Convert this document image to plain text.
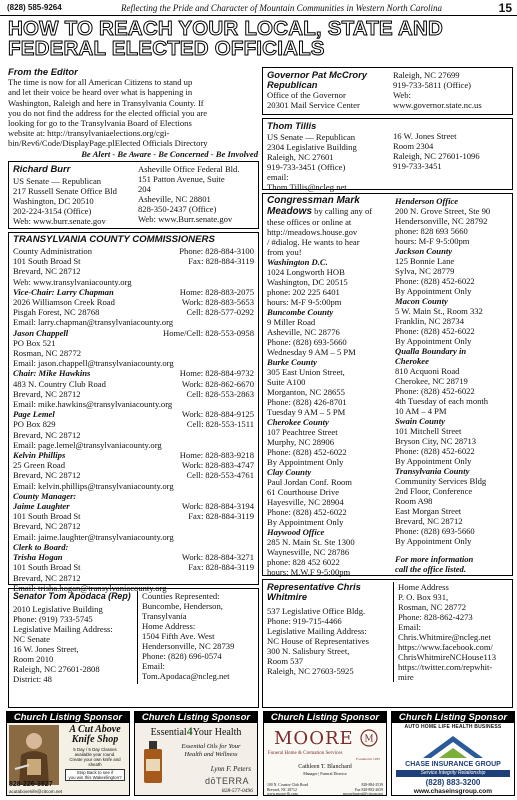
(828) 585-9264	Reflecting the Pride and Character of Mountain Communities in Western North Carolina	15
HOW TO REACH YOUR LOCAL, STATE AND
FEDERAL ELECTED OFFICIALS
From the Editor
The time is now for all American Citizens to stand up
and let their voice be heard over what is happening in
Washington, Raleigh and here in Transylvania County. If
you do not find the address for the elected official you are
looking for go to the Transylvania Board of Elections
website at: http://transylvaniaelections.org/cgi-
bin/Rev6/Code/DisplayPage.plElected Officials Directory
Be Alert - Be Aware - Be Concerned - Be Involved
Richard Burr
US Senate — Republican
217 Russell Senate Office Bld
Washington, DC 20510
202-224-3154 (Office)
Web: www.burr.senate.gov
Asheville Office Federal Bld.
151 Patton Avenue, Suite
204
Asheville, NC 28801
828-350-2437 (Office)
Web: www.Burr.senate.gov
TRANSYLVANIA COUNTY COMMISSIONERS
County Administration	Phone: 828-884-3100
101 South Broad St	Fax: 828-884-3119
Brevard, NC 28712
Web: www.transylvaniacounty.org
Vice-Chair: Larry Chapman	Home: 828-883-2075
2026 Williamson Creek Road	Work: 828-883-5653
Pisgah Forest, NC 28768	Cell: 828-577-0292
Email: larry.chapman@transylvaniacounty.org
Jason Chappell	Home/Cell: 828-553-0958
PO Box 521
Rosman, NC 28772
Email: jason.chappell@transylvaniacounty.org
Chair: Mike Hawkins	Home: 828-884-9732
483 N. Country Club Road	Work: 828-862-6670
Brevard, NC 28712	Cell: 828-553-2863
Email: mike.hawkins@transylvaniacounty.org
Page Lemel	Work: 828-884-9125
PO Box 829	Cell: 828-553-1511
Brevard, NC 28712
Email: page.lemel@transylvaniacounty.org
Kelvin Phillips	Home: 828-883-9218
25 Green Road	Work: 828-883-4747
Brevard, NC 28712	Cell: 828-553-4761
Email: kelvin.phillips@transylvaniacounty.org
County Manager:
Jaime Laughter	Work: 828-884-3194
101 South Broad St	Fax: 828-884-3119
Brevard, NC 28712
Email: jaime.laughter@transylvaniacounty.org
Clerk to Board:
Trisha Hogan	Work: 828-884-3271
101 South Broad St	Fax: 828-884-3119
Brevard, NC 28712
Email: trisha.hogan@transylvaniacounty.org
Senator Tom Apodaca (Rep)
2010 Legislative Building
Phone: (919) 733-5745
Legislative Mailing Address:
NC Senate
16 W. Jones Street,
Room 2010
Raleigh, NC 27601-2808
District: 48
Counties Represented:
Buncombe, Henderson,
Transylvania
Home Address:
1504 Fifth Ave. West
Hendersonville, NC 28739
Phone: (828) 696-0574
Email:
Tom.Apodaca@ncleg.net
Governor Pat McCrory
Republican
Office of the Governor
20301 Mail Service Center
Raleigh, NC 27699
919-733-5811 (Office)
Web:
www.governor.state.nc.us
Thom Tillis
US Senate — Republican
2304 Legislative Building
Raleigh, NC 27601
919-733-3451 (Office)
email:
Thom.Tillis@ncleg.net
16 W. Jones Street
Room 2304
Raleigh, NC 27601-1096
919-733-3451
Congressman Mark
Meadows by calling any of
these offices or online at
http://meadows.house.gov
/ #dialog. He wants to hear
from you!
Washington D.C.
1024 Longworth HOB
Washington, DC 20515
phone: 202 225 6401
hours: M-F 9-5:00pm
Buncombe County
9 Miller Road
Asheville, NC 28776
Phone: (828) 693-5660
Wednesday 9 AM – 5 PM
Burke County
305 East Union Street,
Suite A100
Morganton, NC 28655
Phone: (828) 426-8701
Tuesday 9 AM – 5 PM
Cherokee County
107 Peachtree Street
Murphy, NC 28906
Phone: (828) 452-6022
By Appointment Only
Clay County
Paul Jordan Conf. Room
61 Courthouse Drive
Hayesville, NC 28904
Phone: (828) 452-6022
By Appointment Only
Haywood Office
285 N. Main St. Ste 1300
Waynesville, NC 28786
phone: 828 452 6022
hours: M,W,F 9-5:00pm
Henderson Office
200 N. Grove Street, Ste 90
Hendersonville, NC 28792
phone: 828 693 5660
hours: M-F 9-5:00pm
Jackson County
125 Bonnie Lane
Sylva, NC 28779
Phone: (828) 452-6022
By Appointment Only
Macon County
5 W. Main St., Room 332
Franklin, NC 28734
Phone: (828) 452-6022
By Appointment Only
Qualla Boundary in
Cherokee
810 Acquoni Road
Cherokee, NC 28719
Phone: (828) 452-6022
4th Tuesday of each month
10 AM – 4 PM
Swain County
101 Mitchell Street
Bryson City, NC 28713
Phone: (828) 452-6022
By Appointment Only
Transylvania County
Community Services Bldg
2nd Floor, Conference
Room A98
East Morgan Street
Brevard, NC 28712
Phone: (828) 693-5660
By Appointment Only
For more information
call the office listed.
Representative Chris
Whitmire
537 Legislative Office Bldg.
Phone: 919-715-4466
Legislative Mailing Address:
NC House of Representatives
300 N. Salisbury Street,
Room 537
Raleigh, NC 27603-5925
Home Address
P. O. Box 931,
Rosman, NC 28772
Phone: 828-862-4273
Email:
Chris.Whitmire@ncleg.net
https://www.facebook.com/
ChrisWhitmireNCHouse113
https://twitter.com/repwhit-
mire
Church Listing Sponsor
A Cut Above
Knife Shop
5 Day / 5 Day Classes
available year round.
Create your own knife and
sheath
Stop Back to see if
you win this Wakeelington?
828-226-3927
acutabovenife@citcom.net
Church Listing Sponsor
Essential4Your Health
Essential Oils for Your
Health and Wellness
Lynn F. Peters
dōTERRA
828-577-0496
Church Listing Sponsor
MOORE M
Funeral Home & Cremation Services
Founded in 1935
Cathleen T. Blanchard
Manager | Funeral Director
100 N. Country Club Road
Brevard, NC 28712
www.moore-fh.com
828-884-2539
Fax 828-883-2659
moorefuneral@citcom.net
Church Listing Sponsor
AUTO HOME LIFE HEALTH BUSINESS
CHASE INSURANCE GROUP
Service Integrity Relationship
(828) 883-3200
www.chaseinsgroup.com
